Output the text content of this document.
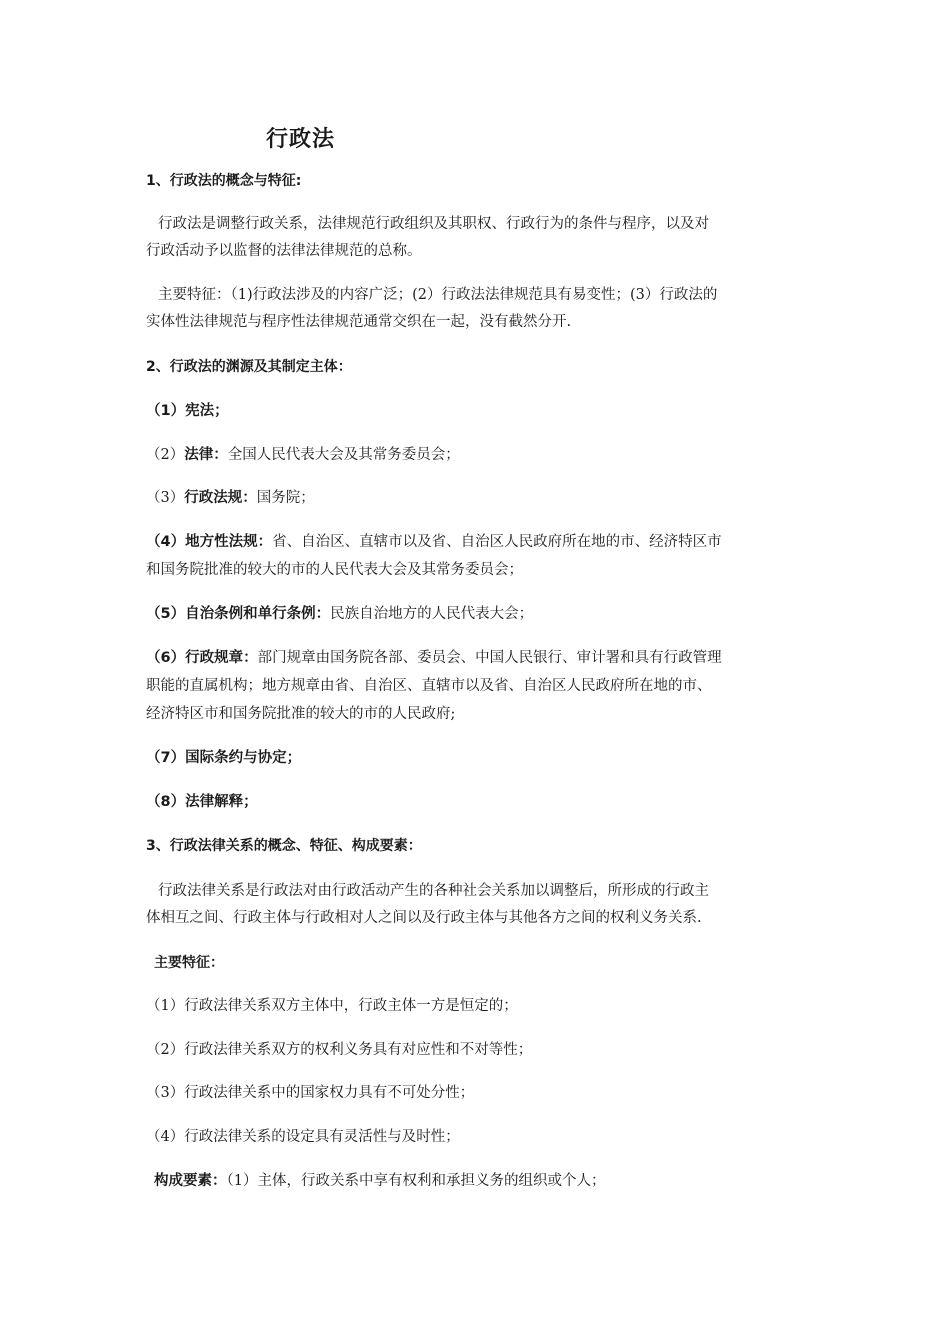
行政法

1、行政法的概念与特征:

行政法是调整行政关系，法律规范行政组织及其职权、行政行为的条件与程序，以及对

行政活动予以监督的法律法律规范的总称。

主要特征：（1)行政法涉及的内容广泛；(2）行政法法律规范具有易变性；(3）行政法的

实体性法律规范与程序性法律规范通常交织在一起，没有截然分开.

2、行政法的渊源及其制定主体：

（1）宪法；

（2）法律：全国人民代表大会及其常务委员会；

（3）行政法规：国务院；

（4）地方性法规：省、自治区、直辖市以及省、自治区人民政府所在地的市、经济特区市

和国务院批准的较大的市的人民代表大会及其常务委员会；

（5）自治条例和单行条例：民族自治地方的人民代表大会；

（6）行政规章：部门规章由国务院各部、委员会、中国人民银行、审计署和具有行政管理

职能的直属机构；地方规章由省、自治区、直辖市以及省、自治区人民政府所在地的市、

经济特区市和国务院批准的较大的市的人民政府;

（7）国际条约与协定；

（8）法律解释；

3、行政法律关系的概念、特征、构成要素：

行政法律关系是行政法对由行政活动产生的各种社会关系加以调整后，所形成的行政主

体相互之间、行政主体与行政相对人之间以及行政主体与其他各方之间的权利义务关系.

主要特征：

（1）行政法律关系双方主体中，行政主体一方是恒定的；

（2）行政法律关系双方的权利义务具有对应性和不对等性；

（3）行政法律关系中的国家权力具有不可处分性；

（4）行政法律关系的设定具有灵活性与及时性；

构成要素：（1）主体，行政关系中享有权利和承担义务的组织或个人；
